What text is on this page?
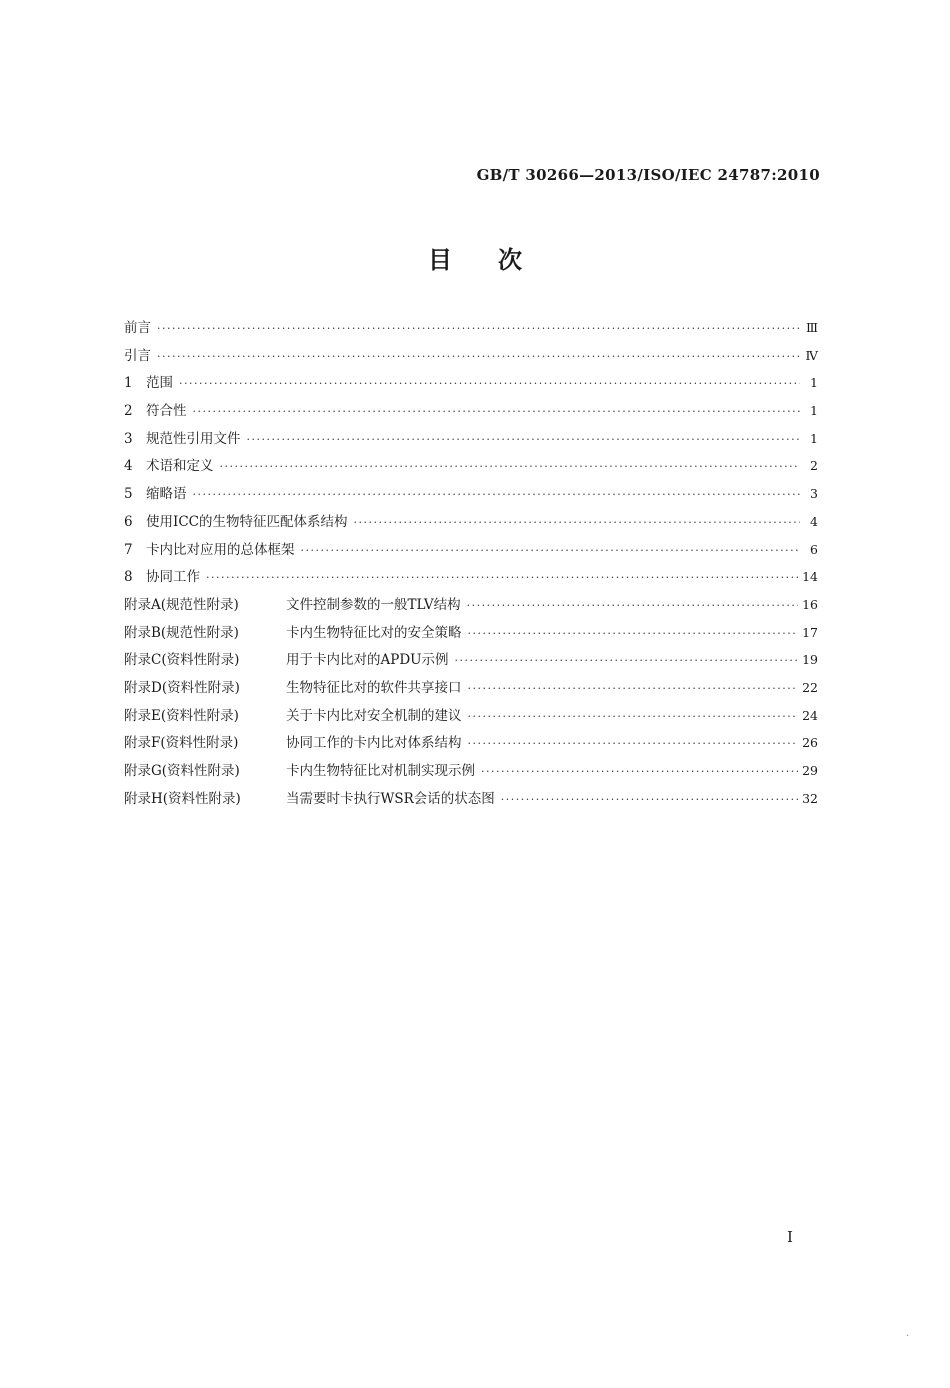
GB/T 30266—2013/ISO/IEC 24787:2010
目次
前言 ·····	Ⅲ
引言 ·····	Ⅳ
1 范围 ·····	1
2 符合性 ·····	1
3 规范性引用文件 ·····	1
4 术语和定义 ·····	2
5 缩略语 ·····	3
6 使用ICC的生物特征匹配体系结构 ·····	4
7 卡内比对应用的总体框架 ·····	6
8 协同工作 ·····	14
附录A(规范性附录)	文件控制参数的一般TLV结构 ·····	16
附录B(规范性附录)	卡内生物特征比对的安全策略 ·····	17
附录C(资料性附录)	用于卡内比对的APDU示例 ·····	19
附录D(资料性附录)	生物特征比对的软件共享接口 ·····	22
附录E(资料性附录)	关于卡内比对安全机制的建议 ·····	24
附录F(资料性附录)	协同工作的卡内比对体系结构 ·····	26
附录G(资料性附录)	卡内生物特征比对机制实现示例 ·····	29
附录H(资料性附录)	当需要时卡执行WSR会话的状态图 ·····	32
Ⅰ
·
